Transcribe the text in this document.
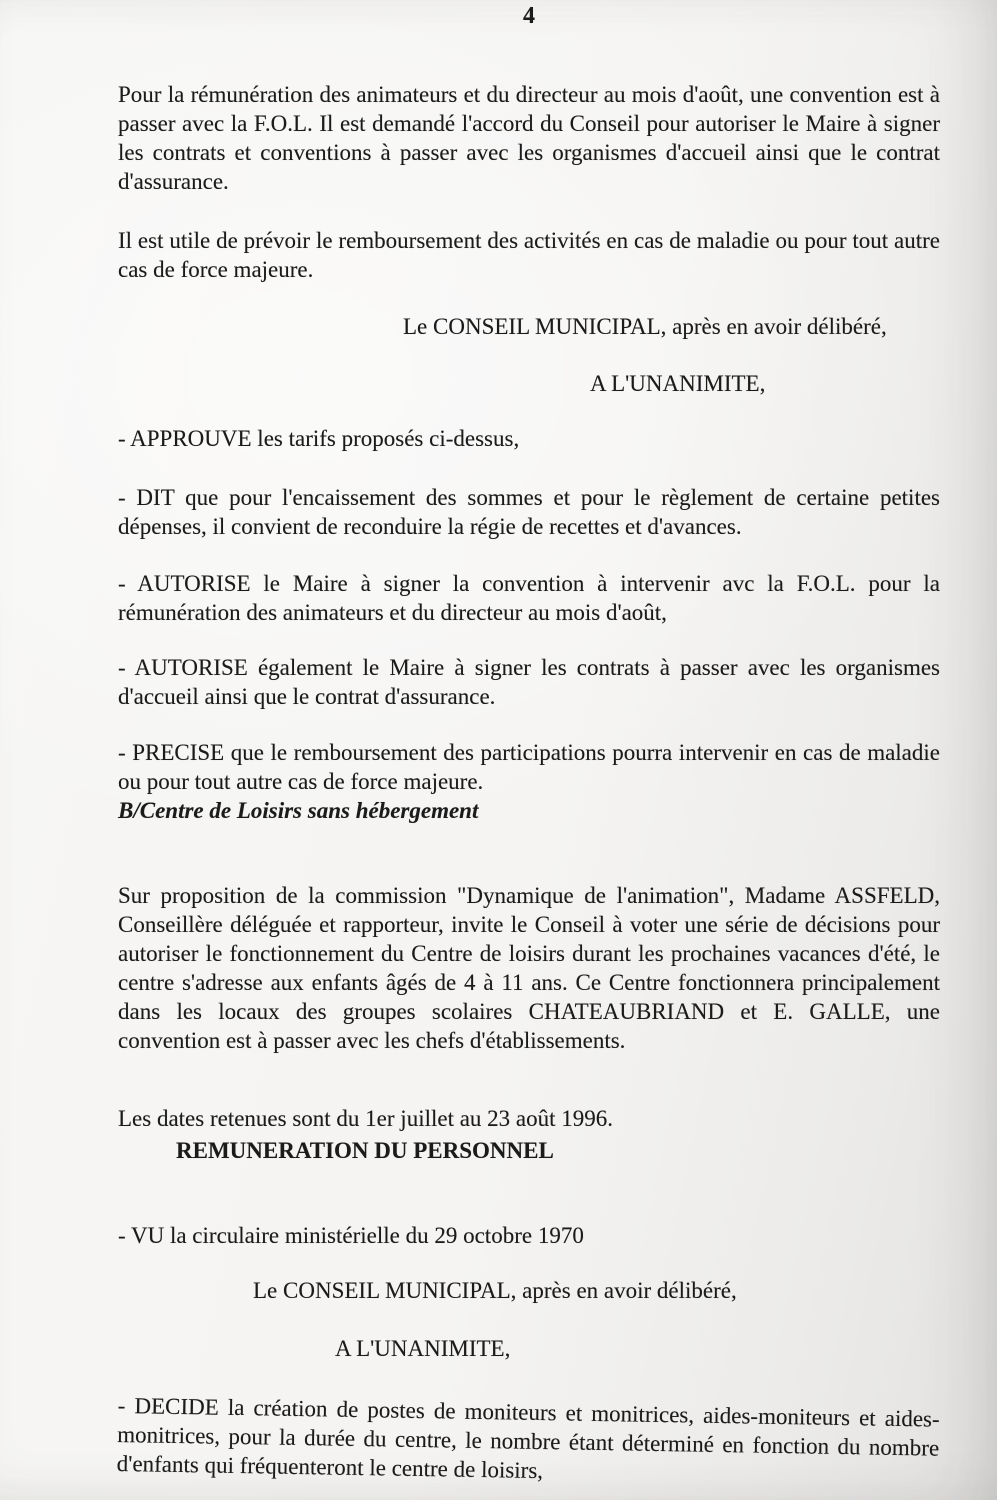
4

Pour la rémunération des animateurs et du directeur au mois d'août, une convention est à passer avec la F.O.L. Il est demandé l'accord du Conseil pour autoriser le Maire à signer les contrats et conventions à passer avec les organismes d'accueil ainsi que le contrat d'assurance.

Il est utile de prévoir le remboursement des activités en cas de maladie ou pour tout autre cas de force majeure.

Le CONSEIL MUNICIPAL, après en avoir délibéré,

A L'UNANIMITE,

- APPROUVE les tarifs proposés ci-dessus,

- DIT que pour l'encaissement des sommes et pour le règlement de certaine petites dépenses, il convient de reconduire la régie de recettes et d'avances.

- AUTORISE le Maire à signer la convention à intervenir avc la F.O.L. pour la rémunération des animateurs et du directeur au mois d'août,

- AUTORISE également le Maire à signer les contrats à passer avec les organismes d'accueil ainsi que le contrat d'assurance.

- PRECISE que le remboursement des participations pourra intervenir en cas de maladie ou pour tout autre cas de force majeure.

B/Centre de Loisirs sans hébergement

Sur proposition de la commission "Dynamique de l'animation", Madame ASSFELD, Conseillère déléguée et rapporteur, invite le Conseil à voter une série de décisions pour autoriser le fonctionnement du Centre de loisirs durant les prochaines vacances d'été, le centre s'adresse aux enfants âgés de 4 à 11 ans. Ce Centre fonctionnera principalement dans les locaux des groupes scolaires CHATEAUBRIAND et E. GALLE, une convention est à passer avec les chefs d'établissements.

Les dates retenues sont du 1er juillet au 23 août 1996.

REMUNERATION DU PERSONNEL

- VU la circulaire ministérielle du 29 octobre 1970

Le CONSEIL MUNICIPAL, après en avoir délibéré,

A L'UNANIMITE,

- DECIDE la création de postes de moniteurs et monitrices, aides-moniteurs et aides-monitrices, pour la durée du centre, le nombre étant déterminé en fonction du nombre d'enfants qui fréquenteront le centre de loisirs,
